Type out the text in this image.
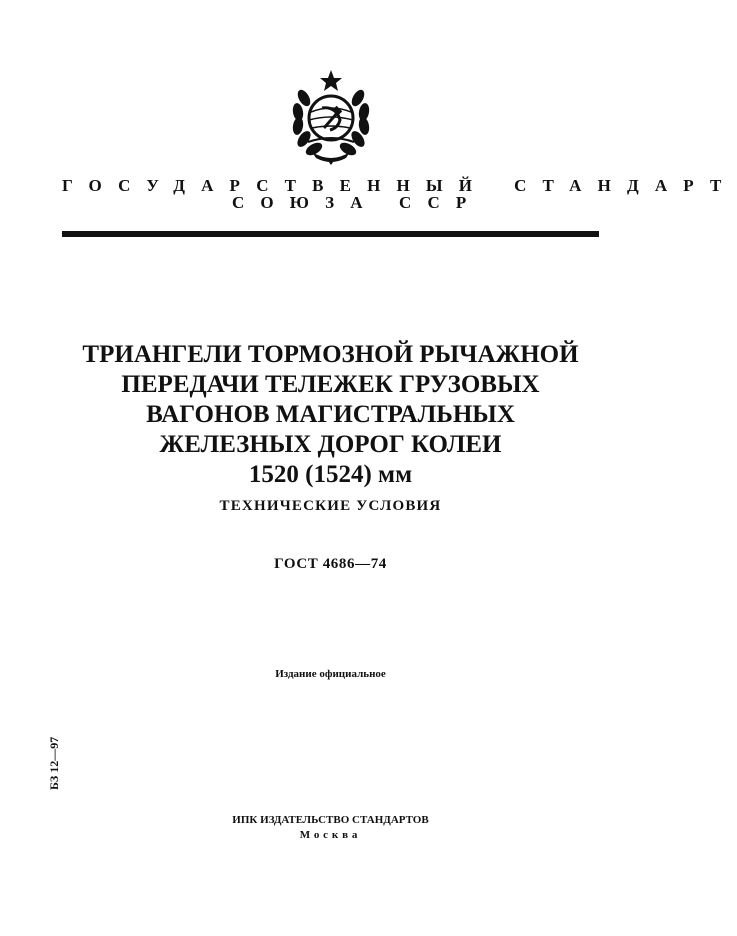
ГОСУДАРСТВЕННЫЙ СТАНДАРТ
СОЮЗА ССР
ТРИАНГЕЛИ ТОРМОЗНОЙ РЫЧАЖНОЙ
ПЕРЕДАЧИ ТЕЛЕЖЕК ГРУЗОВЫХ
ВАГОНОВ МАГИСТРАЛЬНЫХ
ЖЕЛЕЗНЫХ ДОРОГ КОЛЕИ
1520 (1524) мм
ТЕХНИЧЕСКИЕ УСЛОВИЯ
ГОСТ 4686—74
Издание официальное
БЗ 12—97
ИПК ИЗДАТЕЛЬСТВО СТАНДАРТОВ
Москва
